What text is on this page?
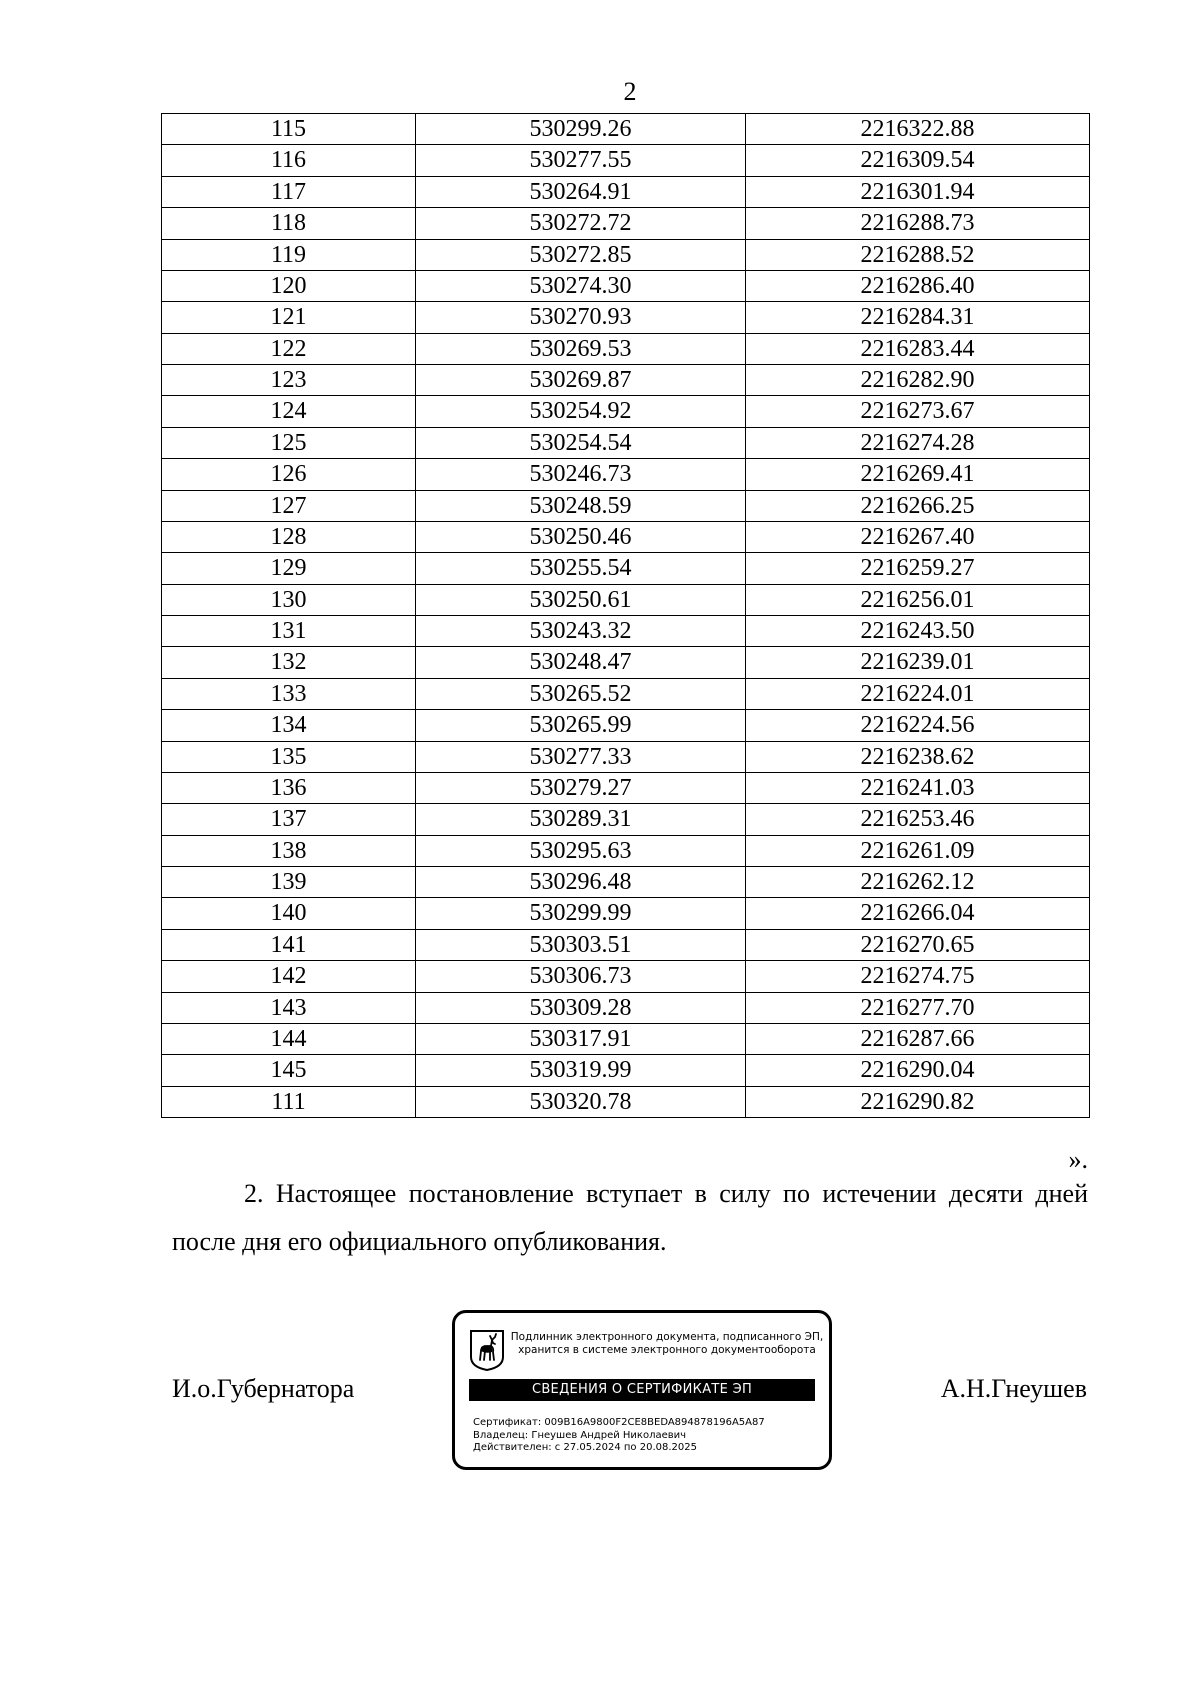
2
115	530299.26	2216322.88
116	530277.55	2216309.54
117	530264.91	2216301.94
118	530272.72	2216288.73
119	530272.85	2216288.52
120	530274.30	2216286.40
121	530270.93	2216284.31
122	530269.53	2216283.44
123	530269.87	2216282.90
124	530254.92	2216273.67
125	530254.54	2216274.28
126	530246.73	2216269.41
127	530248.59	2216266.25
128	530250.46	2216267.40
129	530255.54	2216259.27
130	530250.61	2216256.01
131	530243.32	2216243.50
132	530248.47	2216239.01
133	530265.52	2216224.01
134	530265.99	2216224.56
135	530277.33	2216238.62
136	530279.27	2216241.03
137	530289.31	2216253.46
138	530295.63	2216261.09
139	530296.48	2216262.12
140	530299.99	2216266.04
141	530303.51	2216270.65
142	530306.73	2216274.75
143	530309.28	2216277.70
144	530317.91	2216287.66
145	530319.99	2216290.04
111	530320.78	2216290.82
».
2. Настоящее постановление вступает в силу по истечении десяти дней после дня его официального опубликования.
И.о.Губернатора
Подлинник электронного документа, подписанного ЭП,
хранится в системе электронного документооборота
СВЕДЕНИЯ О СЕРТИФИКАТЕ ЭП
Сертификат: 009B16A9800F2CE8BEDA894878196A5A87
Владелец: Гнеушев Андрей Николаевич
Действителен: с 27.05.2024 по 20.08.2025
А.Н.Гнеушев
